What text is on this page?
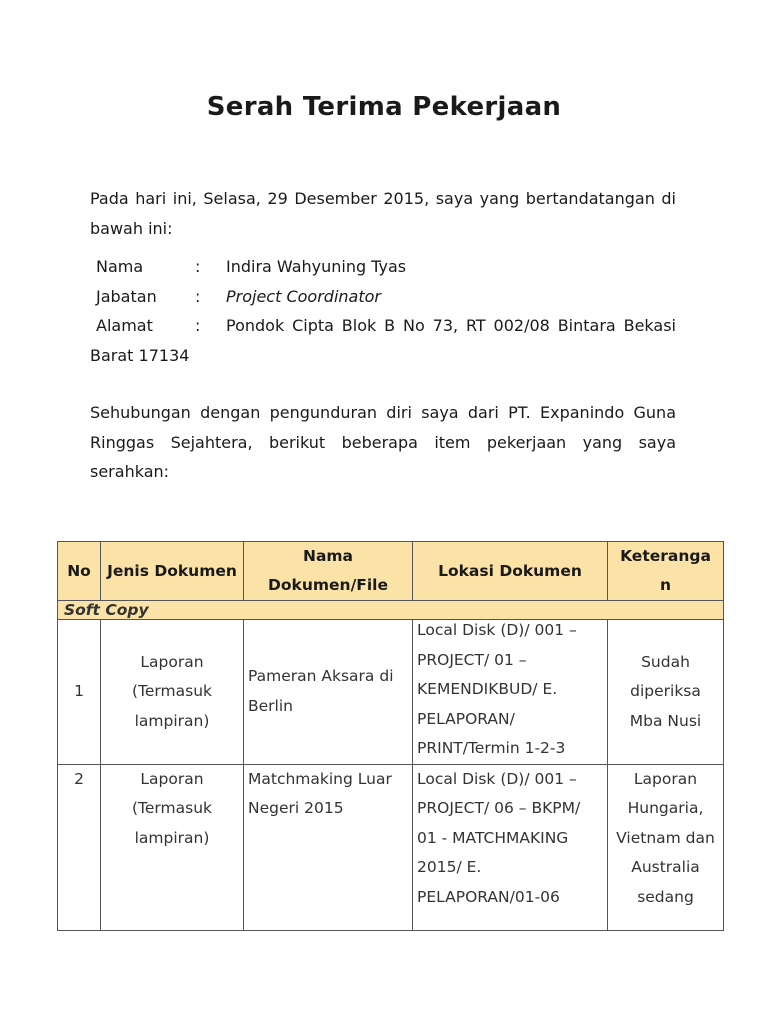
Serah Terima Pekerjaan
Pada hari ini, Selasa, 29 Desember 2015, saya yang bertandatangan di bawah ini:
Nama	: Indira Wahyuning Tyas
Jabatan : Project Coordinator
Alamat	:	Pondok Cipta Blok B No 73, RT 002/08 Bintara Bekasi Barat 17134
Sehubungan dengan pengunduran diri saya dari PT. Expanindo Guna Ringgas Sejahtera, berikut beberapa item pekerjaan yang saya serahkan:
No	Jenis Dokumen	Nama Dokumen/File	Lokasi Dokumen	Keteranga
n
Soft Copy				
1	Laporan (Termasuk lampiran)	Pameran Aksara di Berlin	Local Disk (D)/ 001 – PROJECT/ 01 – KEMENDIKBUD/ E. PELAPORAN/ PRINT/Termin 1-2-3	Sudah diperiksa Mba Nusi
2	Laporan (Termasuk lampiran)	Matchmaking Luar Negeri 2015	Local Disk (D)/ 001 – PROJECT/ 06 – BKPM/ 01 - MATCHMAKING 2015/ E. PELAPORAN/01-06	Laporan Hungaria, Vietnam dan Australia sedang
